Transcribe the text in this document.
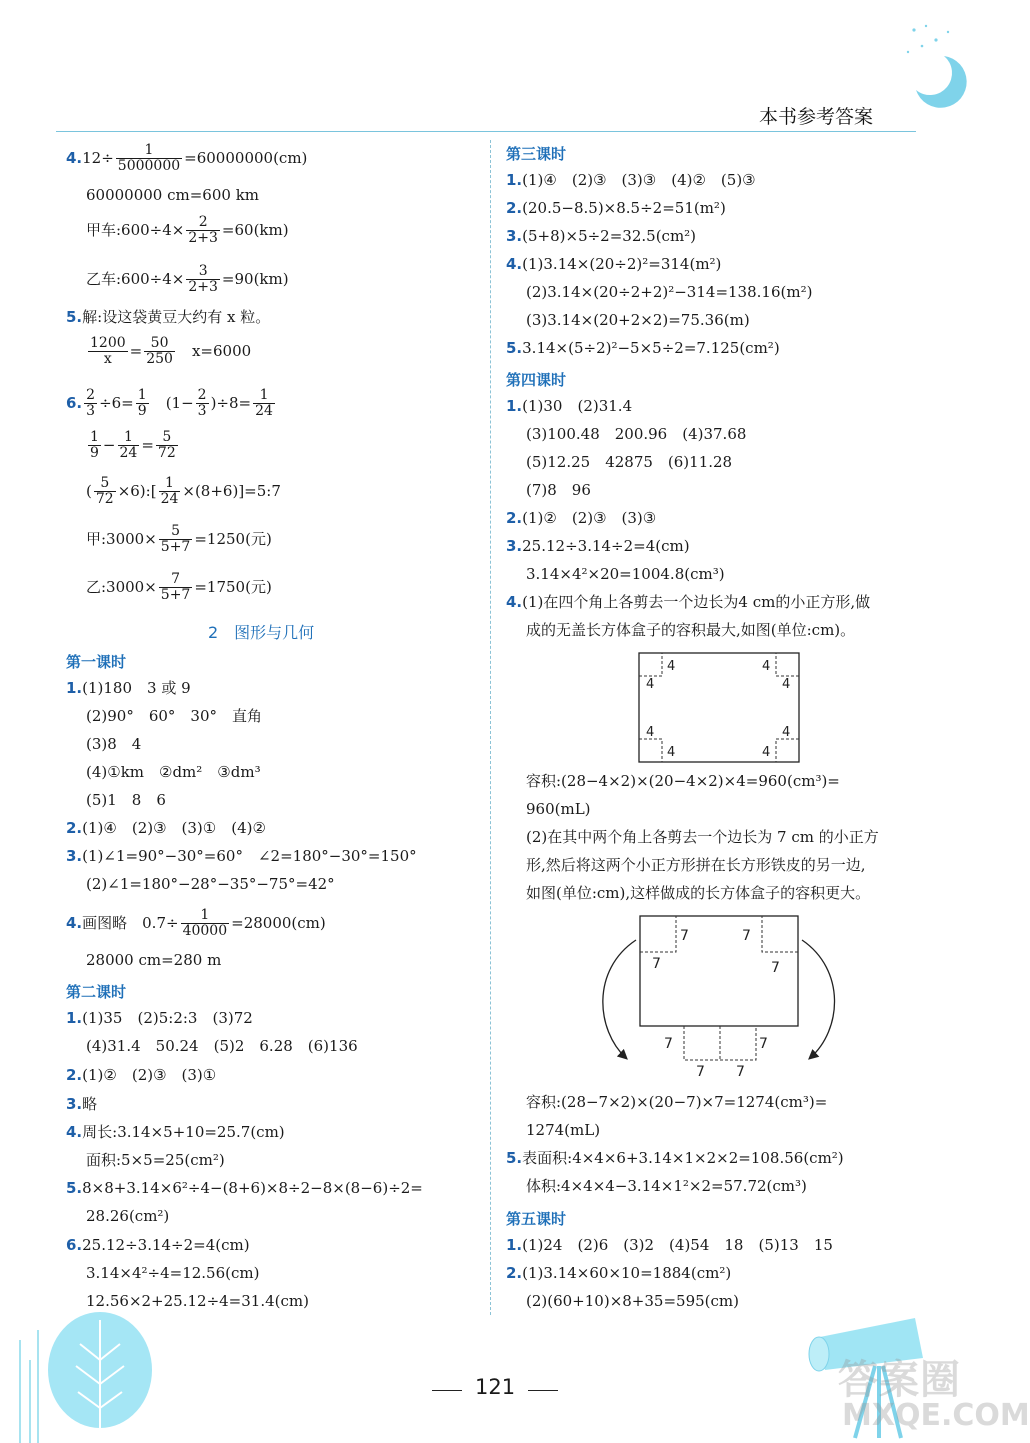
本书参考答案
$4.12\div \frac{1}{5000000} =60000000(cm)$
60000000 cm=600 km
甲车:600÷4× $\frac{2}{2+3} =60(km)$
乙车:600÷4× $\frac{3}{2+3} =90(km)$
5.解:设这袋黄豆大约有 x 粒。
$\frac{1200}{x} = \frac{50}{250}$
　 x=6000
6. $\frac{2}{3} \div 6= \frac{1}{9}$
　 $(1- \frac{2}{3} )\div 8= \frac{1}{24}$
$\frac{1}{9} - \frac{1}{24} = \frac{5}{72}$
( $\frac{5}{72}$ ×6):[ $\frac{1}{24}$ ×(8+6)]=5:7
甲:3000× $\frac{5}{5+7} =1250$(元)
乙:3000× $\frac{7}{5+7} =1750$(元)
2　图形与几何
第一课时
1.(1)180　3 或 9
(2)90°　60°　30°　直角
(3)8　4
(4)①km　②dm²　③dm³
(5)1　8　6
2.(1)④　(2)③　(3)①　(4)②
3.(1)∠1=90°−30°=60°　∠2=180°−30°=150°
(2)∠1=180°−28°−35°−75°=42°
4.画图略　$0.7\div \frac{1}{40000} =28000(cm)$
28000 cm=280 m
第二课时
1.(1)35　(2)5:2:3　(3)72
(4)31.4　50.24　(5)2　6.28　(6)136
2.(1)②　(2)③　(3)①
3.略
4.周长:3.14×5+10=25.7(cm)
面积:5×5=25(cm²)
5.8×8+3.14×6²÷4−(8+6)×8÷2−8×(8−6)÷2=
28.26(cm²)
6.25.12÷3.14÷2=4(cm)
3.14×4²÷4=12.56(cm)
12.56×2+25.12÷4=31.4(cm)
第三课时
1.(1)④　(2)③　(3)③　(4)②　(5)③
2.(20.5−8.5)×8.5÷2=51(m²)
3.(5+8)×5÷2=32.5(cm²)
4.(1)3.14×(20÷2)²=314(m²)
(2)3.14×(20÷2+2)²−314=138.16(m²)
(3)3.14×(20+2×2)=75.36(m)
5.3.14×(5÷2)²−5×5÷2=7.125(cm²)
第四课时
1.(1)30　(2)31.4
(3)100.48　200.96　(4)37.68
(5)12.25　42875　(6)11.28
(7)8　96
2.(1)②　(2)③　(3)③
3.25.12÷3.14÷2=4(cm)
3.14×4²×20=1004.8(cm³)
4.(1)在四个角上各剪去一个边长为4 cm的小正方形,做
成的无盖长方体盒子的容积最大,如图(单位:cm)。
4
4
4
4
4
4
4
4
容积:(28−4×2)×(20−4×2)×4=960(cm³)=
960(mL)
(2)在其中两个角上各剪去一个边长为 7 cm 的小正方
形,然后将这两个小正方形拼在长方形铁皮的另一边,
如图(单位:cm),这样做成的长方体盒子的容积更大。
7
7
7
7
7	7
7 7
容积:(28−7×2)×(20−7)×7=1274(cm³)=
1274(mL)
5.表面积:4×4×6+3.14×1×2×2=108.56(cm²)
体积:4×4×4−3.14×1²×2=57.72(cm³)
第五课时
1.(1)24　(2)6　(3)2　(4)54　18　(5)13　15
2.(1)3.14×60×10=1884(cm²)
(2)(60+10)×8+35=595(cm)
121	答案圈
MXQE.COM
